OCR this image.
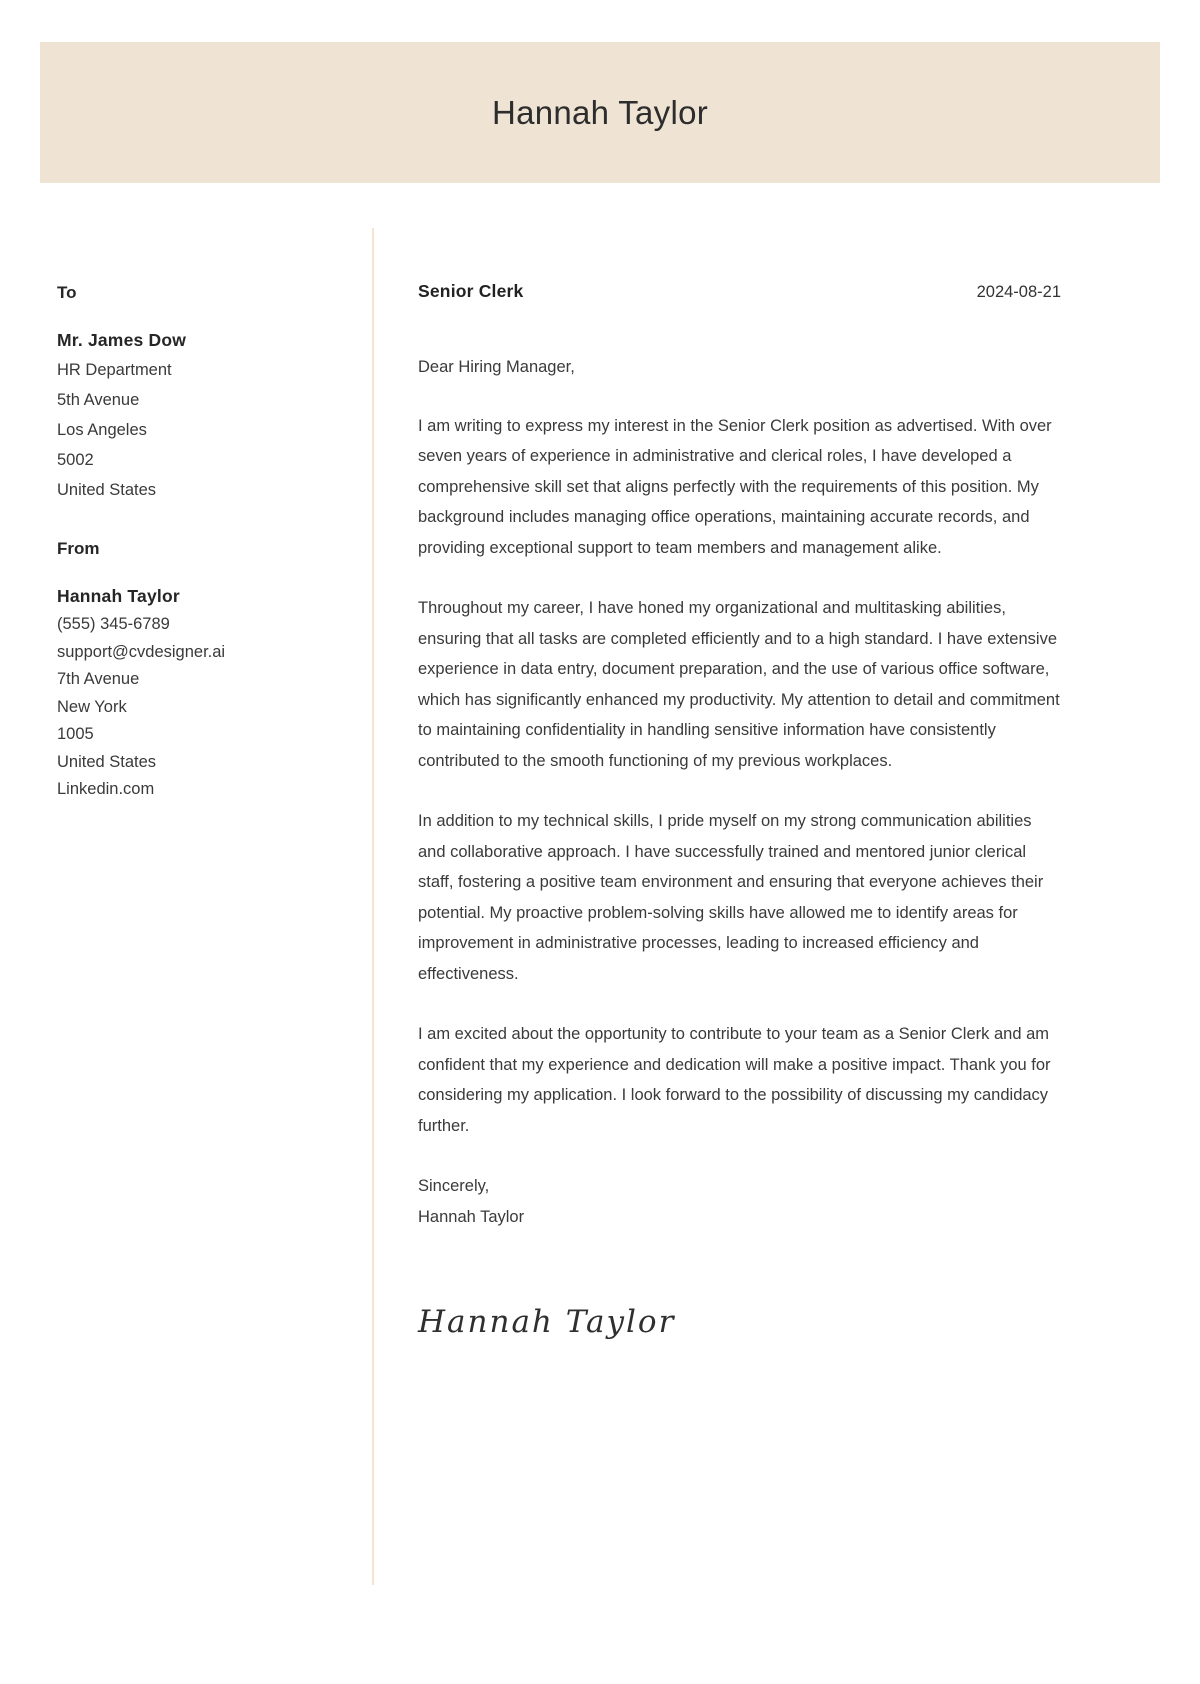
Hannah Taylor
To
Mr. James Dow
HR Department
5th Avenue
Los Angeles
5002
United States
From
Hannah Taylor
(555) 345-6789
support@cvdesigner.ai
7th Avenue
New York
1005
United States
Linkedin.com
Senior Clerk	2024-08-21
Dear Hiring Manager,

I am writing to express my interest in the Senior Clerk position as advertised. With over seven years of experience in administrative and clerical roles, I have developed a comprehensive skill set that aligns perfectly with the requirements of this position. My background includes managing office operations, maintaining accurate records, and providing exceptional support to team members and management alike.

Throughout my career, I have honed my organizational and multitasking abilities, ensuring that all tasks are completed efficiently and to a high standard. I have extensive experience in data entry, document preparation, and the use of various office software, which has significantly enhanced my productivity. My attention to detail and commitment to maintaining confidentiality in handling sensitive information have consistently contributed to the smooth functioning of my previous workplaces.

In addition to my technical skills, I pride myself on my strong communication abilities and collaborative approach. I have successfully trained and mentored junior clerical staff, fostering a positive team environment and ensuring that everyone achieves their potential. My proactive problem-solving skills have allowed me to identify areas for improvement in administrative processes, leading to increased efficiency and effectiveness.

I am excited about the opportunity to contribute to your team as a Senior Clerk and am confident that my experience and dedication will make a positive impact. Thank you for considering my application. I look forward to the possibility of discussing my candidacy further.

Sincerely,
Hannah Taylor
Hannah Taylor
